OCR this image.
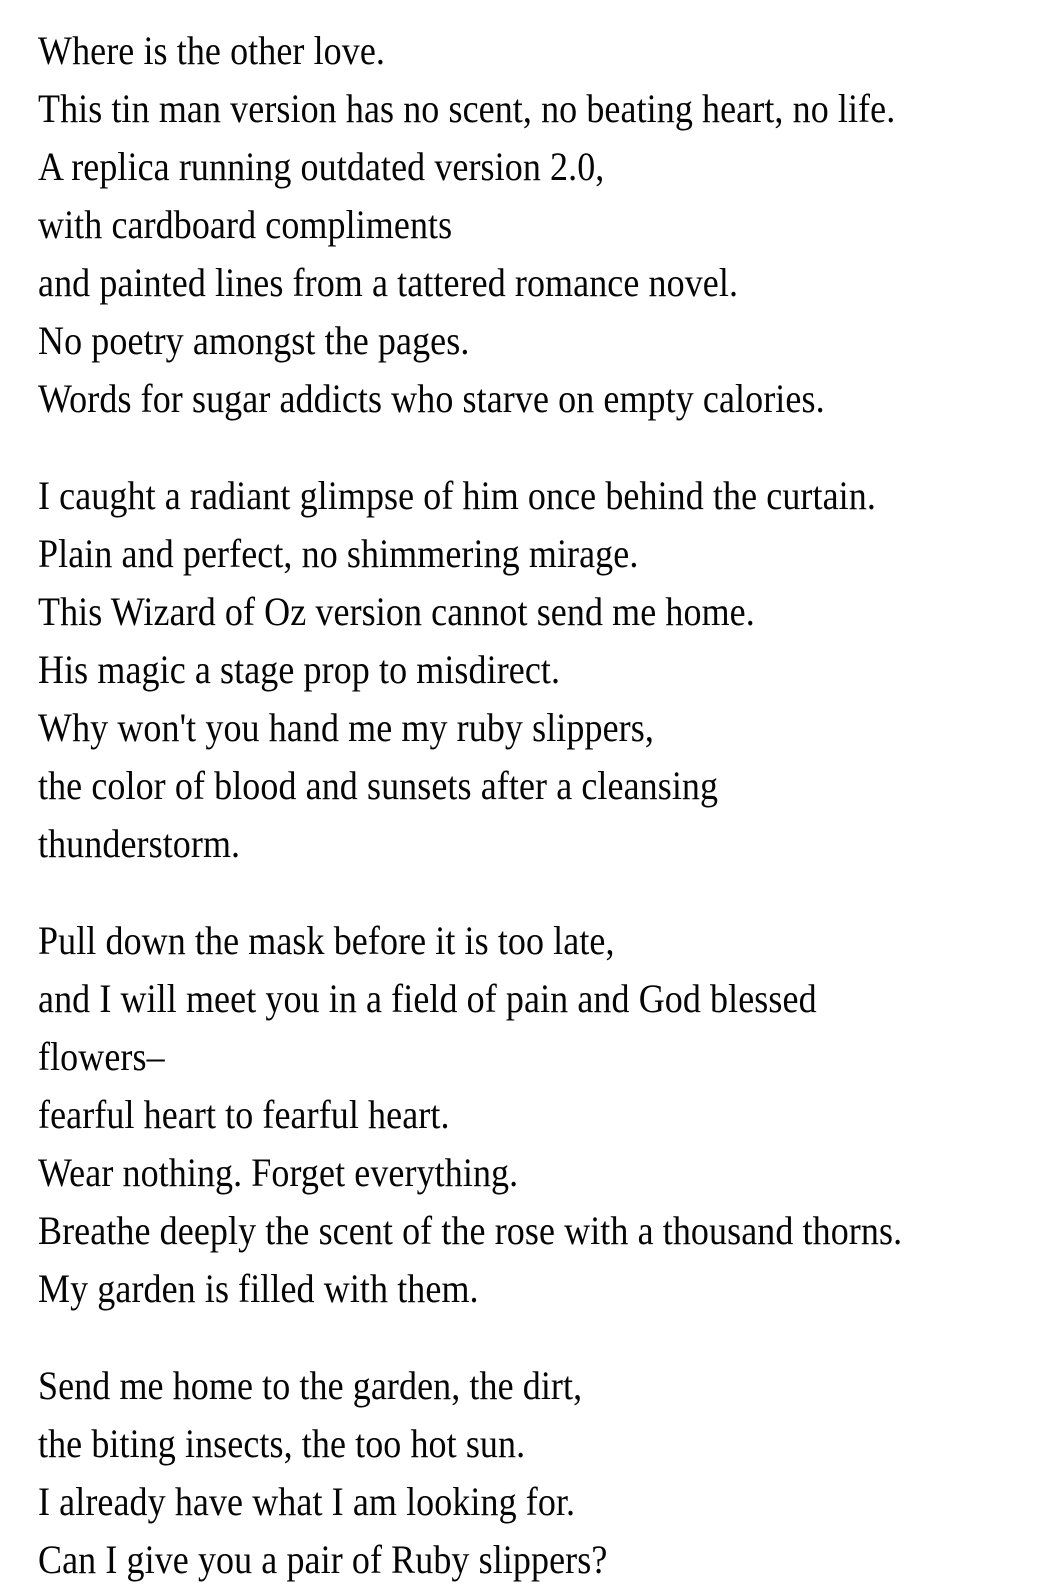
Where is the other love.
This tin man version has no scent, no beating heart, no life.
A replica running outdated version 2.0,
with cardboard compliments
and painted lines from a tattered romance novel.
No poetry amongst the pages.
Words for sugar addicts who starve on empty calories.
I caught a radiant glimpse of him once behind the curtain.
Plain and perfect, no shimmering mirage.
This Wizard of Oz version cannot send me home.
His magic a stage prop to misdirect.
Why won't you hand me my ruby slippers,
the color of blood and sunsets after a cleansing thunderstorm.
Pull down the mask before it is too late,
and I will meet you in a field of pain and God blessed flowers–
fearful heart to fearful heart.
Wear nothing. Forget everything.
Breathe deeply the scent of the rose with a thousand thorns.
My garden is filled with them.
Send me home to the garden, the dirt,
the biting insects, the too hot sun.
I already have what I am looking for.
Can I give you a pair of Ruby slippers?
